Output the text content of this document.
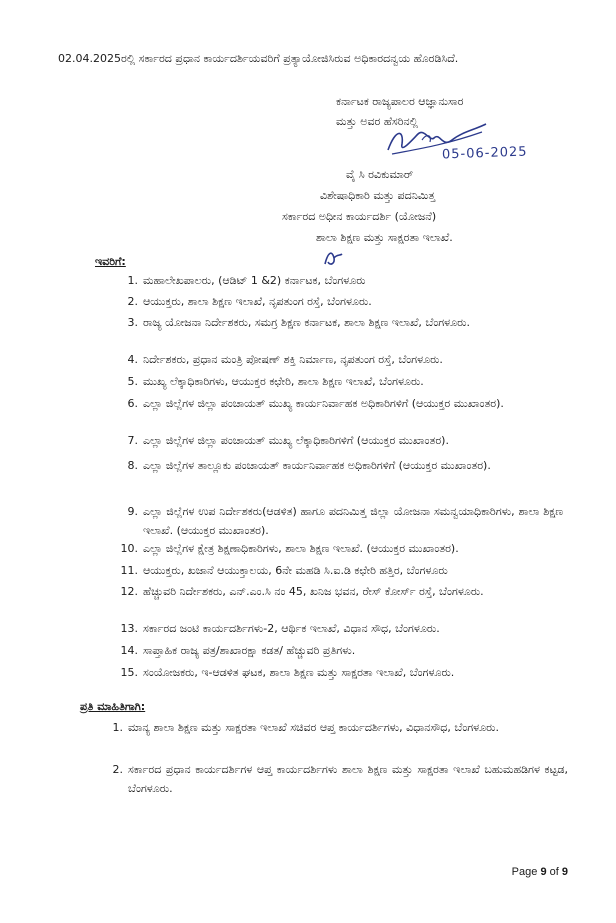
02.04.2025ರಲ್ಲಿ ಸರ್ಕಾರದ ಪ್ರಧಾನ ಕಾರ್ಯದರ್ಶಿಯವರಿಗೆ ಪ್ರತ್ಯಾಯೋಜಿಸಿರುವ ಅಧಿಕಾರದನ್ವಯ ಹೊರಡಿಸಿದೆ.
ಕರ್ನಾಟಕ ರಾಜ್ಯಪಾಲರ ಆಜ್ಞಾನುಸಾರ
ಮತ್ತು ಅವರ ಹೆಸರಿನಲ್ಲಿ
05-06-2025
ವೈ ಸಿ ರವಿಕುಮಾರ್
ವಿಶೇಷಾಧಿಕಾರಿ ಮತ್ತು ಪದನಿಮಿತ್ತ
ಸರ್ಕಾರದ ಅಧೀನ ಕಾರ್ಯದರ್ಶಿ (ಯೋಜನೆ)
ಶಾಲಾ ಶಿಕ್ಷಣ ಮತ್ತು ಸಾಕ್ಷರತಾ ಇಲಾಖೆ.
ಇವರಿಗೆ:
1. ಮಹಾಲೇಖಪಾಲರು, (ಆಡಿಟ್ 1 &2) ಕರ್ನಾಟಕ, ಬೆಂಗಳೂರು
2. ಆಯುಕ್ತರು, ಶಾಲಾ ಶಿಕ್ಷಣ ಇಲಾಖೆ, ನೃಪತುಂಗ ರಸ್ತೆ, ಬೆಂಗಳೂರು.
3. ರಾಜ್ಯ ಯೋಜನಾ ನಿರ್ದೇಶಕರು, ಸಮಗ್ರ ಶಿಕ್ಷಣ ಕರ್ನಾಟಕ, ಶಾಲಾ ಶಿಕ್ಷಣ ಇಲಾಖೆ, ಬೆಂಗಳೂರು.
4. ನಿರ್ದೇಶಕರು, ಪ್ರಧಾನ ಮಂತ್ರಿ ಪೋಷಣ್ ಶಕ್ತಿ ನಿರ್ಮಾಣ, ನೃಪತುಂಗ ರಸ್ತೆ, ಬೆಂಗಳೂರು.
5. ಮುಖ್ಯ ಲೆಕ್ಕಾಧಿಕಾರಿಗಳು, ಆಯುಕ್ತರ ಕಛೇರಿ, ಶಾಲಾ ಶಿಕ್ಷಣ ಇಲಾಖೆ, ಬೆಂಗಳೂರು.
6. ಎಲ್ಲಾ ಜಿಲ್ಲೆಗಳ ಜಿಲ್ಲಾ ಪಂಚಾಯತ್ ಮುಖ್ಯ ಕಾರ್ಯನಿರ್ವಾಹಕ ಅಧಿಕಾರಿಗಳಿಗೆ (ಆಯುಕ್ತರ ಮುಖಾಂತರ).
7. ಎಲ್ಲಾ ಜಿಲ್ಲೆಗಳ ಜಿಲ್ಲಾ ಪಂಚಾಯತ್ ಮುಖ್ಯ ಲೆಕ್ಕಾಧಿಕಾರಿಗಳಿಗೆ (ಆಯುಕ್ತರ ಮುಖಾಂತರ).
8. ಎಲ್ಲಾ ಜಿಲ್ಲೆಗಳ ತಾಲ್ಲೂಕು ಪಂಚಾಯತ್ ಕಾರ್ಯನಿರ್ವಾಹಕ ಅಧಿಕಾರಿಗಳಿಗೆ (ಆಯುಕ್ತರ ಮುಖಾಂತರ).
9. ಎಲ್ಲಾ ಜಿಲ್ಲೆಗಳ ಉಪ ನಿರ್ದೇಶಕರು(ಆಡಳಿತ) ಹಾಗೂ ಪದನಿಮಿತ್ತ ಜಿಲ್ಲಾ ಯೋಜನಾ ಸಮನ್ವಯಾಧಿಕಾರಿಗಳು, ಶಾಲಾ ಶಿಕ್ಷಣ ಇಲಾಖೆ. (ಆಯುಕ್ತರ ಮುಖಾಂತರ).
10. ಎಲ್ಲಾ ಜಿಲ್ಲೆಗಳ ಕ್ಷೇತ್ರ ಶಿಕ್ಷಣಾಧಿಕಾರಿಗಳು, ಶಾಲಾ ಶಿಕ್ಷಣ ಇಲಾಖೆ. (ಆಯುಕ್ತರ ಮುಖಾಂತರ).
11. ಆಯುಕ್ತರು, ಖಜಾನೆ ಆಯುಕ್ತಾಲಯ, 6ನೇ ಮಹಡಿ ಸಿ.ಐ.ಡಿ ಕಛೇರಿ ಹತ್ತಿರ, ಬೆಂಗಳೂರು
12. ಹೆಚ್ಚುವರಿ ನಿರ್ದೇಶಕರು, ಎನ್.ಎಂ.ಸಿ ನಂ 45, ಖನಿಜ ಭವನ, ರೇಸ್ ಕೋರ್ಸ್ ರಸ್ತೆ, ಬೆಂಗಳೂರು.
13. ಸರ್ಕಾರದ ಜಂಟಿ ಕಾರ್ಯದರ್ಶಿಗಳು-2, ಆರ್ಥಿಕ ಇಲಾಖೆ, ವಿಧಾನ ಸೌಧ, ಬೆಂಗಳೂರು.
14. ಸಾಪ್ತಾಹಿಕ ರಾಜ್ಯ ಪತ್ರ/ಶಾಖಾರಕ್ಷಾ ಕಡತ/ ಹೆಚ್ಚುವರಿ ಪ್ರತಿಗಳು.
15. ಸಂಯೋಜಕರು, ಇ-ಆಡಳಿತ ಘಟಕ, ಶಾಲಾ ಶಿಕ್ಷಣ ಮತ್ತು ಸಾಕ್ಷರತಾ ಇಲಾಖೆ, ಬೆಂಗಳೂರು.
ಪ್ರತಿ ಮಾಹಿತಿಗಾಗಿ:
1. ಮಾನ್ಯ ಶಾಲಾ ಶಿಕ್ಷಣ ಮತ್ತು ಸಾಕ್ಷರತಾ ಇಲಾಖೆ ಸಚಿವರ ಆಪ್ತ ಕಾರ್ಯದರ್ಶಿಗಳು, ವಿಧಾನಸೌಧ, ಬೆಂಗಳೂರು.
2. ಸರ್ಕಾರದ ಪ್ರಧಾನ ಕಾರ್ಯದರ್ಶಿಗಳ ಆಪ್ತ ಕಾರ್ಯದರ್ಶಿಗಳು ಶಾಲಾ ಶಿಕ್ಷಣ ಮತ್ತು ಸಾಕ್ಷರತಾ ಇಲಾಖೆ ಬಹುಮಹಡಿಗಳ ಕಟ್ಟಡ, ಬೆಂಗಳೂರು.
Page 9 of 9
